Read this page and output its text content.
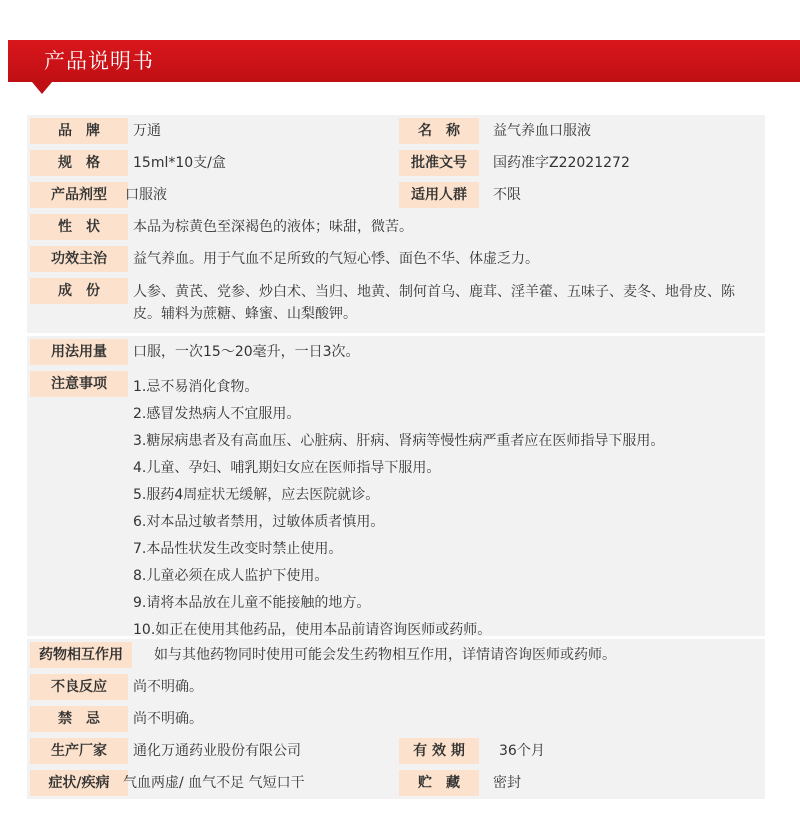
产品说明书
品　牌	万通	名　称	益气养血口服液
规　格	15ml*10支/盒	批准文号	国药准字Z22021272
产品剂型	口服液	适用人群	不限
性　状	本品为棕黄色至深褐色的液体；味甜，微苦。
功效主治	益气养血。用于气血不足所致的气短心悸、面色不华、体虚乏力。
成　份	人参、黄芪、党参、炒白术、当归、地黄、制何首乌、鹿茸、淫羊藿、五味子、麦冬、地骨皮、陈皮。辅料为蔗糖、蜂蜜、山梨酸钾。
用法用量	口服，一次15～20毫升，一日3次。
注意事项	1.忌不易消化食物。
2.感冒发热病人不宜服用。
3.糖尿病患者及有高血压、心脏病、肝病、肾病等慢性病严重者应在医师指导下服用。
4.儿童、孕妇、哺乳期妇女应在医师指导下服用。
5.服药4周症状无缓解，应去医院就诊。
6.对本品过敏者禁用，过敏体质者慎用。
7.本品性状发生改变时禁止使用。
8.儿童必须在成人监护下使用。
9.请将本品放在儿童不能接触的地方。
10.如正在使用其他药品，使用本品前请咨询医师或药师。
药物相互作用	如与其他药物同时使用可能会发生药物相互作用，详情请咨询医师或药师。
不良反应	尚不明确。
禁　忌	尚不明确。
生产厂家	通化万通药业股份有限公司	有 效 期	36个月
症状/疾病 气血两虚/ 血气不足 气短口干	贮　藏	密封
